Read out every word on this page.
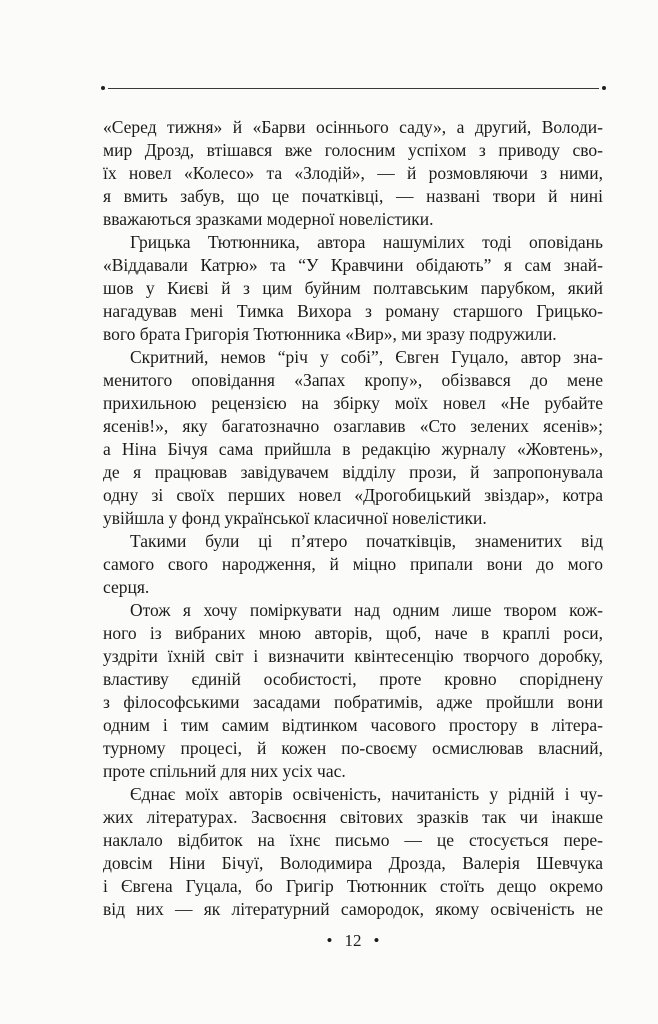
«Серед тижня» й «Барви осіннього саду», а другий, Володи-
мир Дрозд, втішався вже голосним успіхом з приводу сво-
їх новел «Колесо» та «Злодій», — й розмовляючи з ними,
я вмить забув, що це початківці, — названі твори й нині
вважаються зразками модерної новелістики.
Грицька Тютюнника, автора нашумілих тоді оповідань
«Віддавали Катрю» та “У Кравчини обідають” я сам знай-
шов у Києві й з цим буйним полтавським парубком, який
нагадував мені Тимка Вихора з роману старшого Грицько-
вого брата Григорія Тютюнника «Вир», ми зразу подружили.
Скритний, немов “річ у собі”, Євген Гуцало, автор зна-
менитого оповідання «Запах кропу», обізвався до мене
прихильною рецензією на збірку моїх новел «Не рубайте
ясенів!», яку багатозначно озаглавив «Сто зелених ясенів»;
а Ніна Бічуя сама прийшла в редакцію журналу «Жовтень»,
де я працював завідувачем відділу прози, й запропонувала
одну зі своїх перших новел «Дрогобицький звіздар», котра
увійшла у фонд української класичної новелістики.
Такими були ці п’ятеро початківців, знаменитих від
самого свого народження, й міцно припали вони до мого
серця.
Отож я хочу поміркувати над одним лише твором кож-
ного із вибраних мною авторів, щоб, наче в краплі роси,
уздріти їхній світ і визначити квінтесенцію творчого доробку,
властиву єдиній особистості, проте кровно споріднену
з філософськими засадами побратимів, адже пройшли вони
одним і тим самим відтинком часового простору в літера-
турному процесі, й кожен по-своєму осмислював власний,
проте спільний для них усіх час.
Єднає моїх авторів освіченість, начитаність у рідній і чу-
жих літературах. Засвоєння світових зразків так чи інакше
наклало відбиток на їхнє письмо — це стосується пере-
довсім Ніни Бічуї, Володимира Дрозда, Валерія Шевчука
і Євгена Гуцала, бо Григір Тютюнник стоїть дещо окремо
від них — як літературний самородок, якому освіченість не
• 12 •
